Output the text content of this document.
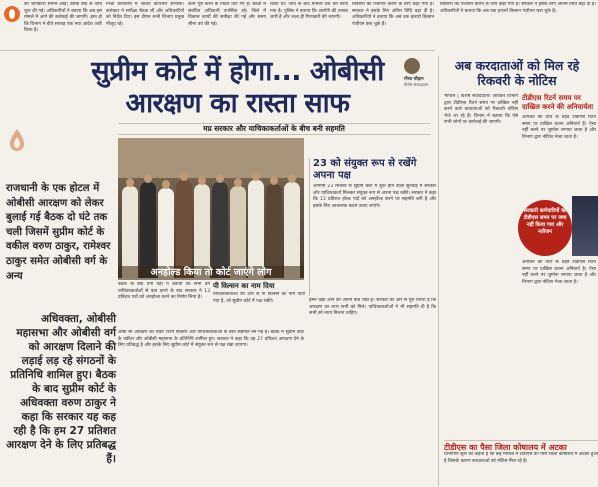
की जानकारी सामने आई। उसके बाद से जांच शुरू की गई। अधिकारियों ने बताया कि अब इस मामले में आगे की कार्रवाई की जाएगी। ज्ञात हो कि विभाग ने बीते सप्ताह एक नया आदेश जारी किया है।
निजी कार्यालय में जाकर कार्यभार संभाला। कलेक्टर ने समीक्षा बैठक ली और अधिकारियों को निर्देश दिए। इस दौरान सभी विभाग प्रमुख मौजूद रहे।
काम पूरा करने के निर्देश दिए गए हैं। बैठक में संबंधित अधिकारी उपस्थित रहे। जिले में विकास कार्यों की समीक्षा की गई और समय सीमा तय की गई।
किया था। जांच के बाद मामला दर्ज कर लिया गया है। पुलिस ने बताया कि आरोपी की तलाश जारी है और जल्द ही गिरफ्तारी की जाएगी।
किसानों को पंजीयन कराने के लिए कहा गया है। सरकार ने इसके लिए अंतिम तिथि बढ़ा दी है। अधिकारियों ने बताया कि अब तक हजारों किसान पंजीयन करा चुके हैं।
किसानों को पंजीयन कराने के लिए कहा गया है। सरकार ने इसके लिए अंतिम तिथि बढ़ा दी है। अधिकारियों ने बताया कि अब तक हजारों किसान पंजीयन करा चुके हैं।
सुप्रीम कोर्ट में होगा... ओबीसी
आरक्षण का रास्ता साफ
गौरव चौहान
विशेष संवाददाता
मप्र सरकार और याचिकाकर्ताओं के बीच बनी सहमति
राजधानी के एक होटल में ओबीसी आरक्षण को लेकर बुलाई गई बैठक दो घंटे तक चली जिसमें सुप्रीम कोर्ट के वकील वरुण ठाकुर, रामेश्वर ठाकुर समेत ओबीसी वर्ग के अन्य
अधिवक्ता, ओबीसी महासभा और ओबीसी वर्ग को आरक्षण दिलाने की लड़ाई लड़ रहे संगठनों के प्रतिनिधि शामिल हुए। बैठक के बाद सुप्रीम कोर्ट के अधिवक्ता वरुण ठाकुर ने कहा कि सरकार यह कह रही है कि हम 27 प्रतिशत आरक्षण देने के लिए प्रतिबद्ध हैं।
अनहोल्ड किया तो कोर्ट जाएंगे लोग
बैठक के बाद वर्गों यहां पे बताया कि सभी वर्ग याचिकाकर्ताओं से बात करने के बाद सरकार ने 13 प्रतिशत पदों को अनहोल्ड करने का निर्णय लिया है।
पी विल्सन का नाम दिया
याचिकाकर्ताओं की ओर से पी विल्सन का नाम दिया गया है, जो सुप्रीम कोर्ट में पक्ष रखेंगे।
ओबी सी आरक्षण को लेकर राज्य सरकार और याचिकाकर्ताओं के बीच सहमति बन गई है। बैठक में सुप्रीम कोर्ट के वकील और ओबीसी महासभा के प्रतिनिधि शामिल हुए। सरकार ने कहा कि वह 27 प्रतिशत आरक्षण देने के लिए प्रतिबद्ध है और इसके लिए सुप्रीम कोर्ट में संयुक्त रूप से पक्ष रखा जाएगा।
23 को संयुक्त रूप से रखेंगे अपना पक्ष
आगामी 23 सितंबर से सुप्रीम कोर्ट में शुरू होने वाली सुनवाई में सरकार और याचिकाकर्ता मिलकर संयुक्त रूप से अपना पक्ष रखेंगे। सरकार ने कहा कि 13 प्रतिशत होल्ड पदों को अनहोल्ड करने पर सहमति बनी है और इसके लिए आवश्यक कदम उठाए जाएंगे।
हमने कहा आने की अपनी बात रखी है। सरकार की ओर से पूरी तैयारी है कि आरक्षण का लाभ सभी को मिले। याचिकाकर्ताओं ने भी सहमति दी है कि सभी को न्याय मिलना चाहिए।
अब करदाताओं को मिल रहे रिकवरी के नोटिस
भोपाल | विशेष संवाददाता। आयकर विभाग द्वारा टीडीएस रिटर्न समय पर दाखिल नहीं करने वाले करदाताओं को रिकवरी नोटिस भेजे जा रहे हैं। विभाग ने बताया कि ऐसे सभी लोगों पर कार्रवाई की जाएगी।
टीडीएस रिटर्न समय पर दाखिल करने की अनिवार्यता
आयकर की धारा के तहत टीडीएस रिटर्न समय पर दाखिल करना अनिवार्य है। ऐसा नहीं करने पर जुर्माना लगाया जाता है और विभाग द्वारा नोटिस भेजा जाता है।
सरकारी कर्मचारियों का टीडीएस समय पर जमा नहीं किया गया और नतीजन
आयकर की धारा के तहत टीडीएस रिटर्न समय पर दाखिल करना अनिवार्य है। ऐसा नहीं करने पर जुर्माना लगाया जाता है और विभाग द्वारा नोटिस भेजा जाता है।
टीडीएस का पैसा जिला कोषालय में अटका
विभागीय सूत्रों का कहना है कि कई मामलों में टीडीएस का पैसा जिला कोषालय में अटका हुआ है जिसके कारण करदाताओं को नोटिस मिल रहे हैं।
